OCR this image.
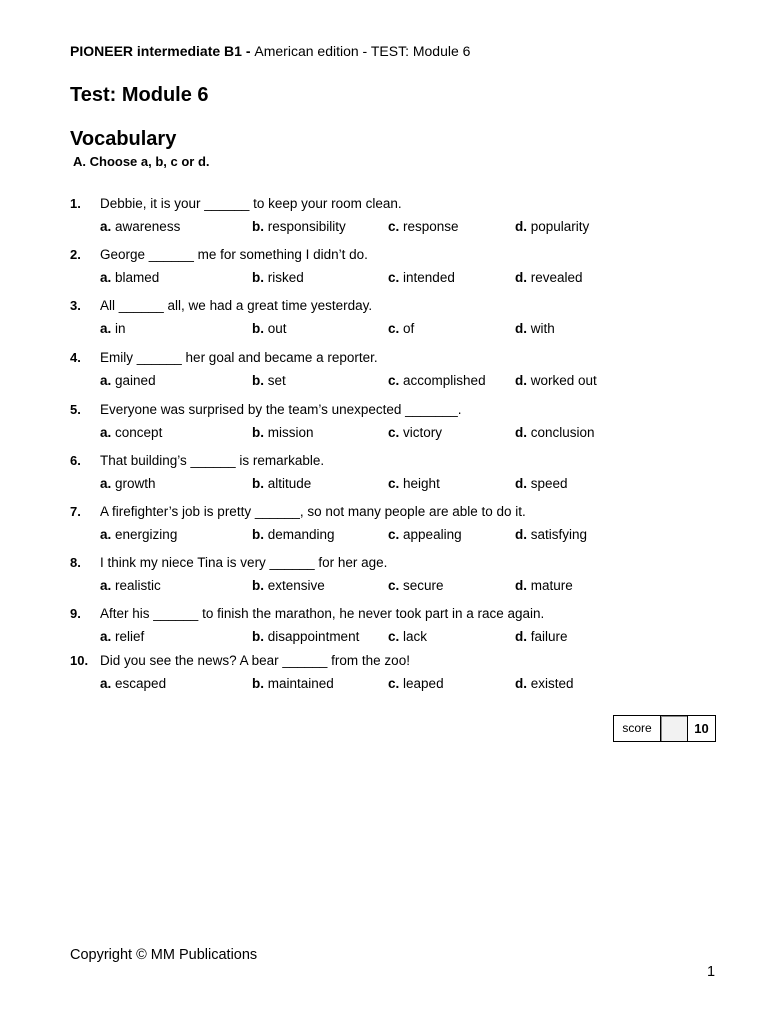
PIONEER intermediate B1 - American edition - TEST: Module 6
Test: Module 6
Vocabulary
A. Choose a, b, c or d.
1. Debbie, it is your ______ to keep your room clean.
a. awareness	b. responsibility	c. response	d. popularity
2. George ______ me for something I didn’t do.
a. blamed	b. risked	c. intended	d. revealed
3. All ______ all, we had a great time yesterday.
a. in	b. out	c. of	d. with
4. Emily ______ her goal and became a reporter.
a. gained	b. set	c. accomplished d. worked out
5. Everyone was surprised by the team’s unexpected _______.
a. concept	b. mission	c. victory	d. conclusion
6. That building’s ______ is remarkable.
a. growth	b. altitude	c. height	d. speed
7. A firefighter’s job is pretty ______, so not many people are able to do it.
a. energizing	b. demanding	c. appealing	d. satisfying
8. I think my niece Tina is very ______ for her age.
a. realistic	b. extensive	c. secure	d. mature
9. After his ______ to finish the marathon, he never took part in a race again.
a. relief	b. disappointment c. lack	d. failure
10. Did you see the news? A bear ______ from the zoo!
a. escaped	b. maintained	c. leaped	d. existed
score	10
Copyright © MM Publications
1
